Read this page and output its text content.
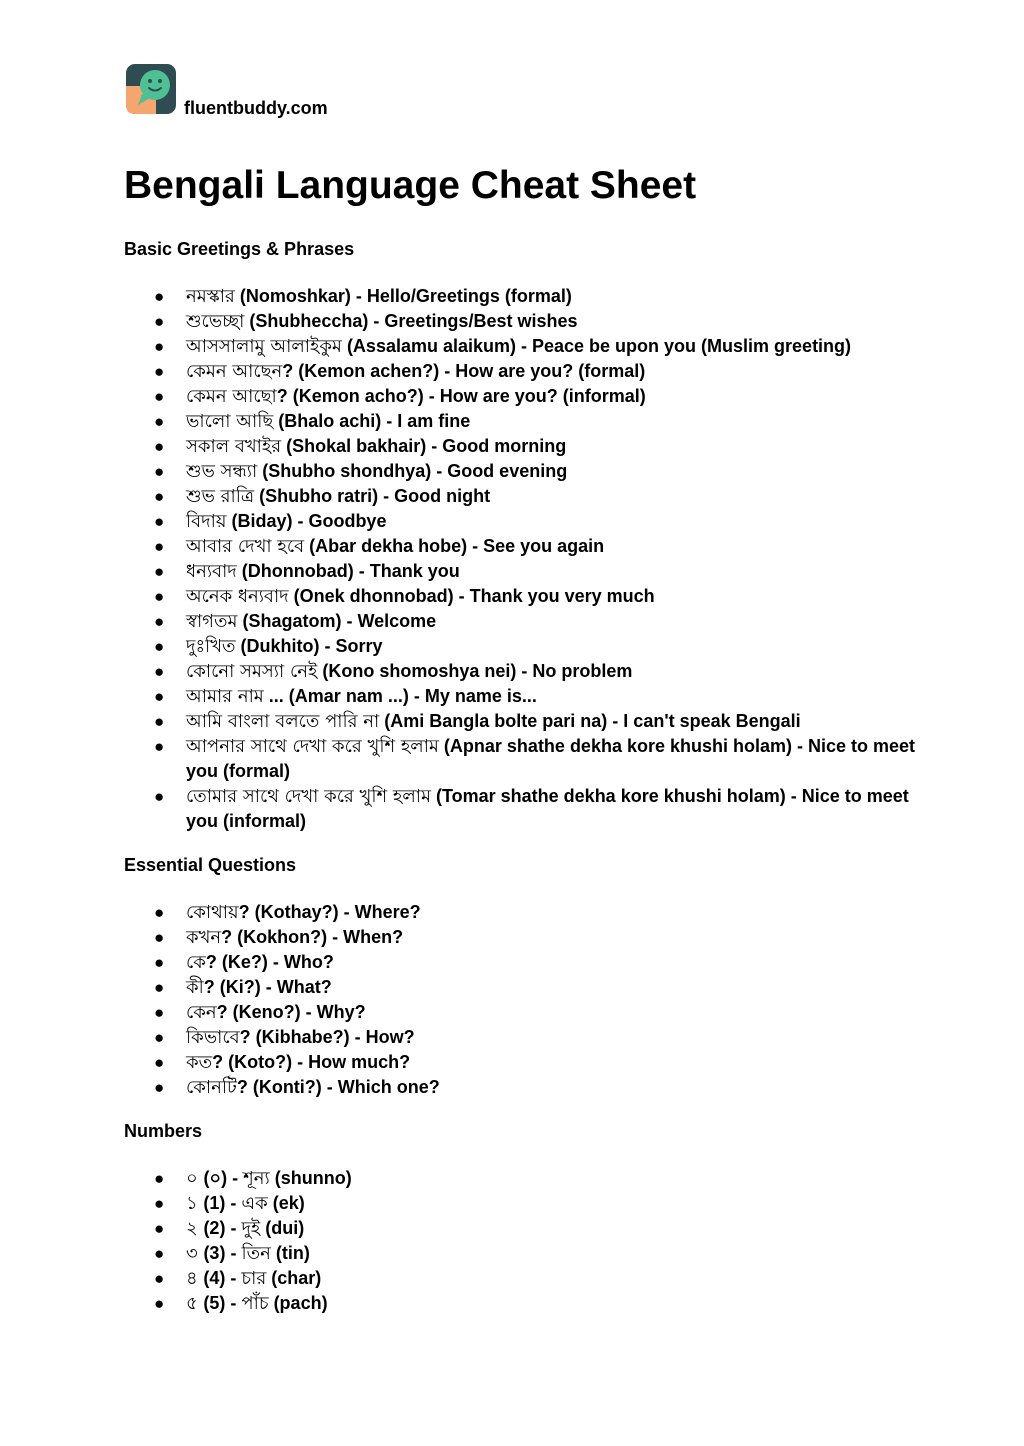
fluentbuddy.com
Bengali Language Cheat Sheet
Basic Greetings & Phrases
● নমস্কার (Nomoshkar) - Hello/Greetings (formal)
● শুভেচ্ছা (Shubheccha) - Greetings/Best wishes
● আসসালামু আলাইকুম (Assalamu alaikum) - Peace be upon you (Muslim greeting)
● কেমন আছেন? (Kemon achen?) - How are you? (formal)
● কেমন আছো? (Kemon acho?) - How are you? (informal)
● ভালো আছি (Bhalo achi) - I am fine
● সকাল বখাইর (Shokal bakhair) - Good morning
● শুভ সন্ধ্যা (Shubho shondhya) - Good evening
● শুভ রাত্রি (Shubho ratri) - Good night
● বিদায় (Biday) - Goodbye
● আবার দেখা হবে (Abar dekha hobe) - See you again
● ধন্যবাদ (Dhonnobad) - Thank you
● অনেক ধন্যবাদ (Onek dhonnobad) - Thank you very much
● স্বাগতম (Shagatom) - Welcome
● দুঃখিত (Dukhito) - Sorry
● কোনো সমস্যা নেই (Kono shomoshya nei) - No problem
● আমার নাম ... (Amar nam ...) - My name is...
● আমি বাংলা বলতে পারি না (Ami Bangla bolte pari na) - I can't speak Bengali
● আপনার সাথে দেখা করে খুশি হলাম (Apnar shathe dekha kore khushi holam) - Nice to meet you (formal)
● তোমার সাথে দেখা করে খুশি হলাম (Tomar shathe dekha kore khushi holam) - Nice to meet you (informal)
Essential Questions
● কোথায়? (Kothay?) - Where?
● কখন? (Kokhon?) - When?
● কে? (Ke?) - Who?
● কী? (Ki?) - What?
● কেন? (Keno?) - Why?
● কিভাবে? (Kibhabe?) - How?
● কত? (Koto?) - How much?
● কোনটি? (Konti?) - Which one?
Numbers
● ০ (০) - শূন্য (shunno)
● ১ (1) - এক (ek)
● ২ (2) - দুই (dui)
● ৩ (3) - তিন (tin)
● ৪ (4) - চার (char)
● ৫ (5) - পাঁচ (pach)
